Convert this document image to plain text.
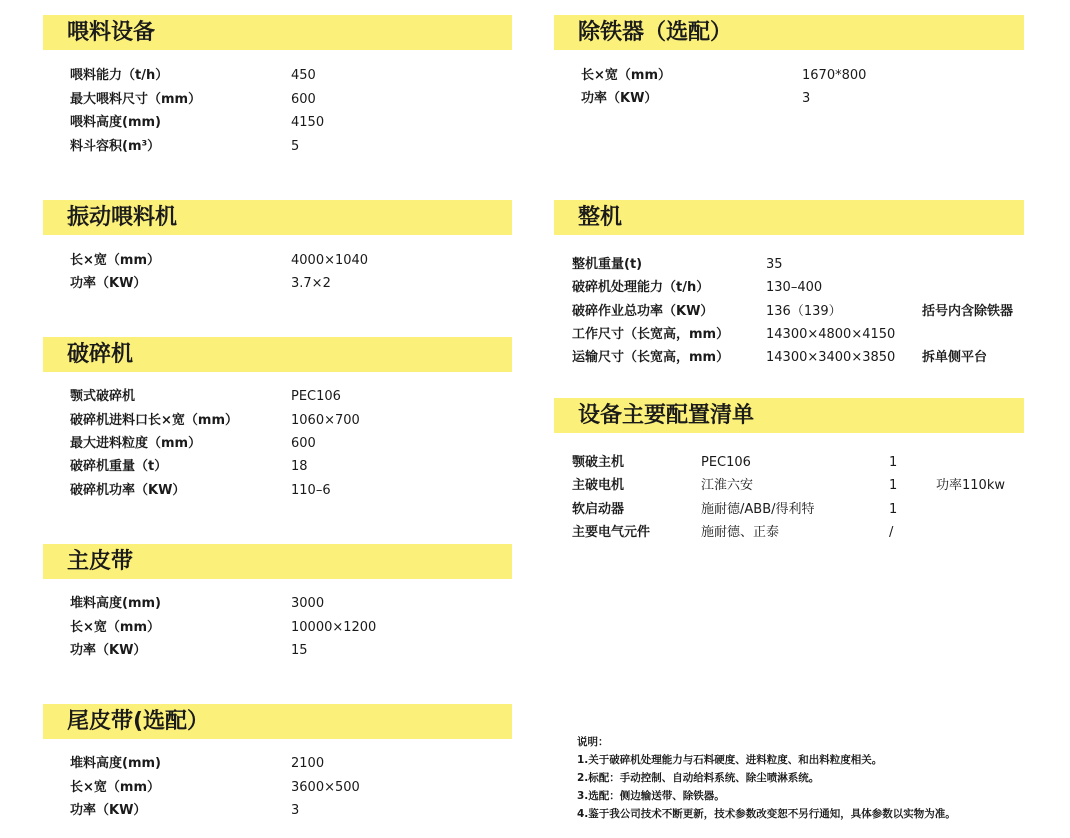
喂料设备
喂料能力（t/h）	450
最大喂料尺寸（mm）	600
喂料高度(mm)	4150
料斗容积(m³）	5
振动喂料机
长×宽（mm）	4000×1040
功率（KW）	3.7×2
破碎机
颚式破碎机	PEC106
破碎机进料口长×宽（mm）	1060×700
最大进料粒度（mm）	600
破碎机重量（t）	18
破碎机功率（KW）	110–6
主皮带
堆料高度(mm)	3000
长×宽（mm）	10000×1200
功率（KW）	15
尾皮带(选配）
堆料高度(mm)	2100
长×宽（mm）	3600×500
功率（KW）	3
除铁器（选配）
长×宽（mm）	1670*800
功率（KW）	3
整机
整机重量(t)	35
破碎机处理能力（t/h）	130–400
破碎作业总功率（KW）	136（139）	括号内含除铁器
工作尺寸（长宽高，mm）	14300×4800×4150
运输尺寸（长宽高，mm）	14300×3400×3850 拆单侧平台
设备主要配置清单
颚破主机	PEC106	1
主破电机	江淮六安	1	功率110kw
软启动器	施耐德/ABB/得利特	1
主要电气元件	施耐德、正泰	/
说明：
1.关于破碎机处理能力与石料硬度、进料粒度、和出料粒度相关。
2.标配：手动控制、自动给料系统、除尘喷淋系统。
3.选配：侧边输送带、除铁器。
4.鉴于我公司技术不断更新，技术参数改变恕不另行通知，具体参数以实物为准。
